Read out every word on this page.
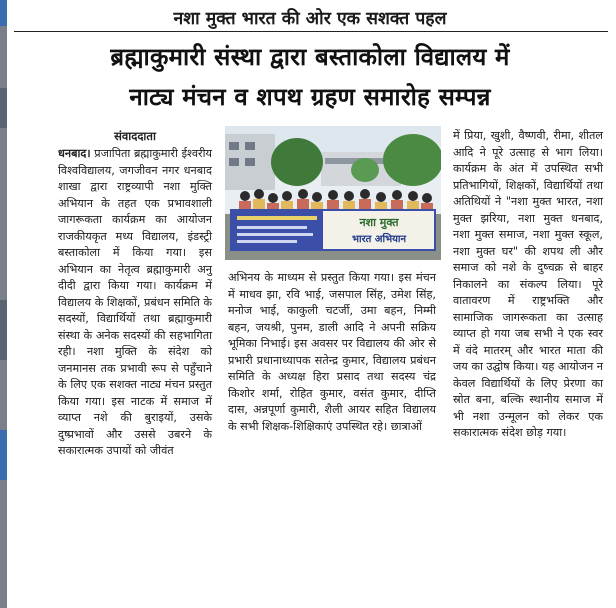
नशा मुक्त भारत की ओर एक सशक्त पहल
ब्रह्माकुमारी संस्था द्वारा बस्ताकोला विद्यालय में
नाट्य मंचन व शपथ ग्रहण समारोह सम्पन्न
संवाददाता
धनबाद। प्रजापिता ब्रह्माकुमारी ईश्वरीय विश्वविद्यालय, जगजीवन नगर धनबाद शाखा द्वारा राष्ट्रव्यापी नशा मुक्ति अभियान के तहत एक प्रभावशाली जागरूकता कार्यक्रम का आयोजन राजकीयकृत मध्य विद्यालय, इंडस्ट्री बस्ताकोला में किया गया। इस अभियान का नेतृत्व ब्रह्माकुमारी अनु दीदी द्वारा किया गया। कार्यक्रम में विद्यालय के शिक्षकों, प्रबंधन समिति के सदस्यों, विद्यार्थियों तथा ब्रह्माकुमारी संस्था के अनेक सदस्यों की सहभागिता रही। नशा मुक्ति के संदेश को जनमानस तक प्रभावी रूप से पहुँचाने के लिए एक सशक्त नाट्य मंचन प्रस्तुत किया गया। इस नाटक में समाज में व्याप्त नशे की बुराइयों, उसके दुष्प्रभावों और उससे उबरने के सकारात्मक उपायों को जीवंत
नशा मुक्त
भारत अभियान
अभिनय के माध्यम से प्रस्तुत किया गया। इस मंचन में माधव झा, रवि भाई, जसपाल सिंह, उमेश सिंह, मनोज भाई, काकुली चटर्जी, उमा बहन, निम्मी बहन, जयश्री, पुनम, डाली आदि ने अपनी सक्रिय भूमिका निभाई। इस अवसर पर विद्यालय की ओर से प्रभारी प्रधानाध्यापक सतेन्द्र कुमार, विद्यालय प्रबंधन समिति के अध्यक्ष हिरा प्रसाद तथा सदस्य चंद्र किशोर शर्मा, रोहित कुमार, वसंत कुमार, दीप्ति दास, अन्नपूर्णा कुमारी, शैली आयर सहित विद्यालय के सभी शिक्षक-शिक्षिकाएं उपस्थित रहे। छात्राओं
में प्रिया, खुशी, वैष्णवी, रीमा, शीतल आदि ने पूरे उत्साह से भाग लिया। कार्यक्रम के अंत में उपस्थित सभी प्रतिभागियों, शिक्षकों, विद्यार्थियों तथा अतिथियों ने "नशा मुक्त भारत, नशा मुक्त झरिया, नशा मुक्त धनबाद, नशा मुक्त समाज, नशा मुक्त स्कूल, नशा मुक्त घर" की शपथ ली और समाज को नशे के दुष्चक्र से बाहर निकालने का संकल्प लिया। पूरे वातावरण में राष्ट्रभक्ति और सामाजिक जागरूकता का उत्साह व्याप्त हो गया जब सभी ने एक स्वर में वंदे मातरम् और भारत माता की जय का उद्घोष किया। यह आयोजन न केवल विद्यार्थियों के लिए प्रेरणा का स्रोत बना, बल्कि स्थानीय समाज में भी नशा उन्मूलन को लेकर एक सकारात्मक संदेश छोड़ गया।
